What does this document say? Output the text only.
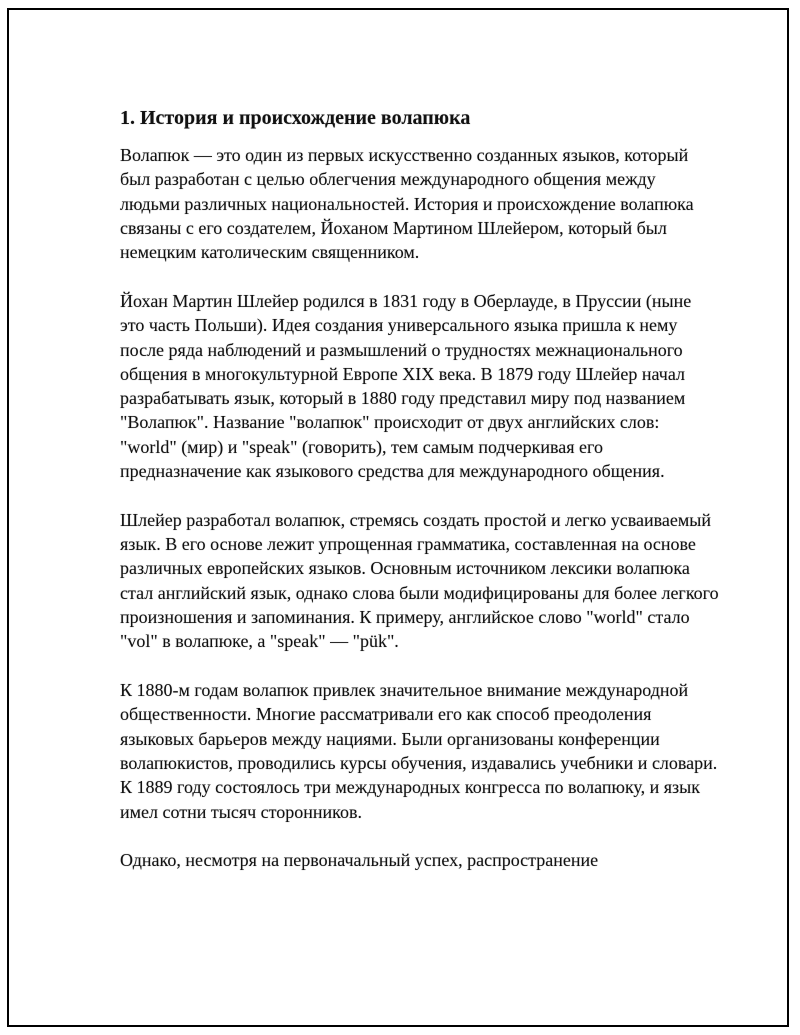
1. История и происхождение волапюка

Волапюк — это один из первых искусственно созданных языков, который был разработан с целью облегчения международного общения между людьми различных национальностей. История и происхождение волапюка связаны с его создателем, Йоханом Мартином Шлейером, который был немецким католическим священником.

Йохан Мартин Шлейер родился в 1831 году в Оберлауде, в Пруссии (ныне это часть Польши). Идея создания универсального языка пришла к нему после ряда наблюдений и размышлений о трудностях межнационального общения в многокультурной Европе XIX века. В 1879 году Шлейер начал разрабатывать язык, который в 1880 году представил миру под названием "Волапюк". Название "волапюк" происходит от двух английских слов: "world" (мир) и "speak" (говорить), тем самым подчеркивая его предназначение как языкового средства для международного общения.

Шлейер разработал волапюк, стремясь создать простой и легко усваиваемый язык. В его основе лежит упрощенная грамматика, составленная на основе различных европейских языков. Основным источником лексики волапюка стал английский язык, однако слова были модифицированы для более легкого произношения и запоминания. К примеру, английское слово "world" стало "vol" в волапюке, а "speak" — "pük".

К 1880-м годам волапюк привлек значительное внимание международной общественности. Многие рассматривали его как способ преодоления языковых барьеров между нациями. Были организованы конференции волапюкистов, проводились курсы обучения, издавались учебники и словари. К 1889 году состоялось три международных конгресса по волапюку, и язык имел сотни тысяч сторонников.

Однако, несмотря на первоначальный успех, распространение
